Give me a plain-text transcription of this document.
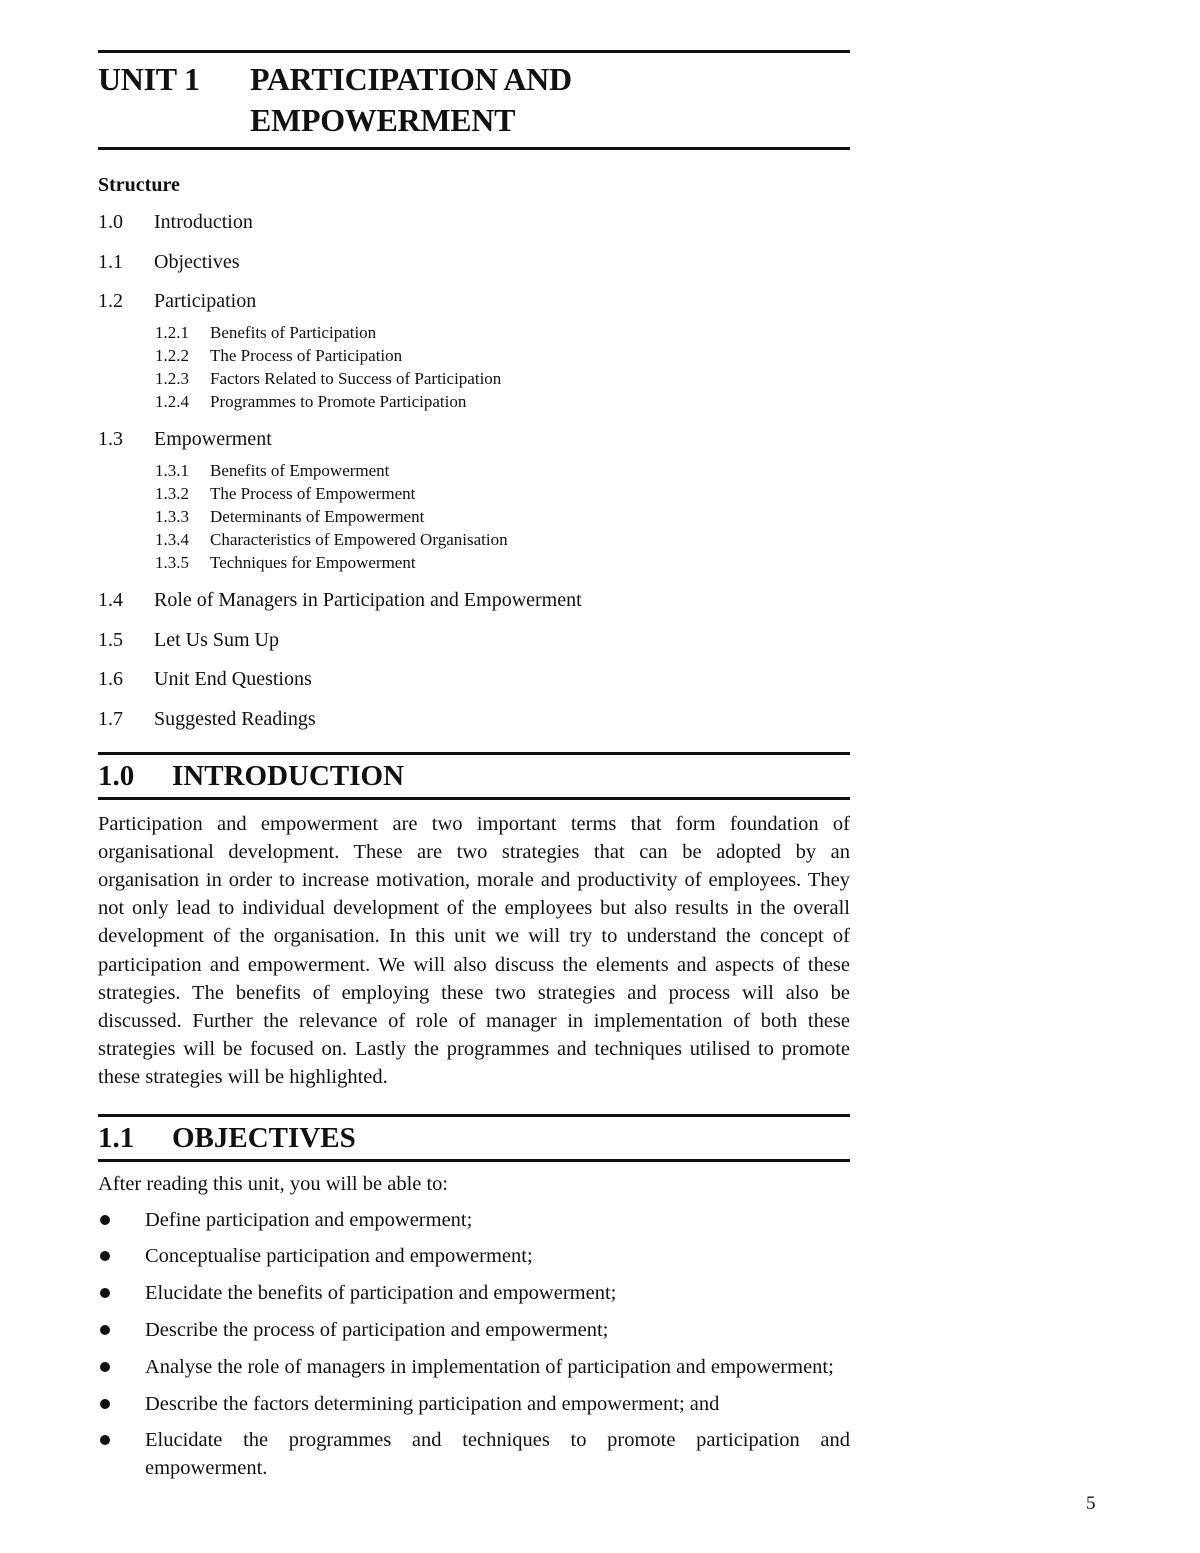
UNIT 1	PARTICIPATION AND
EMPOWERMENT
Structure
1.0	Introduction
1.1	Objectives
1.2	Participation
1.2.1	Benefits of Participation
1.2.2	The Process of Participation
1.2.3	Factors Related to Success of Participation
1.2.4	Programmes to Promote Participation
1.3	Empowerment
1.3.1	Benefits of Empowerment
1.3.2	The Process of Empowerment
1.3.3	Determinants of Empowerment
1.3.4	Characteristics of Empowered Organisation
1.3.5	Techniques for Empowerment
1.4	Role of Managers in Participation and Empowerment
1.5	Let Us Sum Up
1.6	Unit End Questions
1.7	Suggested Readings
1.0	INTRODUCTION
Participation and empowerment are two important terms that form foundation of organisational development. These are two strategies that can be adopted by an organisation in order to increase motivation, morale and productivity of employees. They not only lead to individual development of the employees but also results in the overall development of the organisation. In this unit we will try to understand the concept of participation and empowerment. We will also discuss the elements and aspects of these strategies. The benefits of employing these two strategies and process will also be discussed. Further the relevance of role of manager in implementation of both these strategies will be focused on. Lastly the programmes and techniques utilised to promote these strategies will be highlighted.
1.1	OBJECTIVES
After reading this unit, you will be able to:
Define participation and empowerment;
Conceptualise participation and empowerment;
Elucidate the benefits of participation and empowerment;
Describe the process of participation and empowerment;
Analyse the role of managers in implementation of participation and empowerment;
Describe the factors determining participation and empowerment; and
Elucidate the programmes and techniques to promote participation and empowerment.
5
